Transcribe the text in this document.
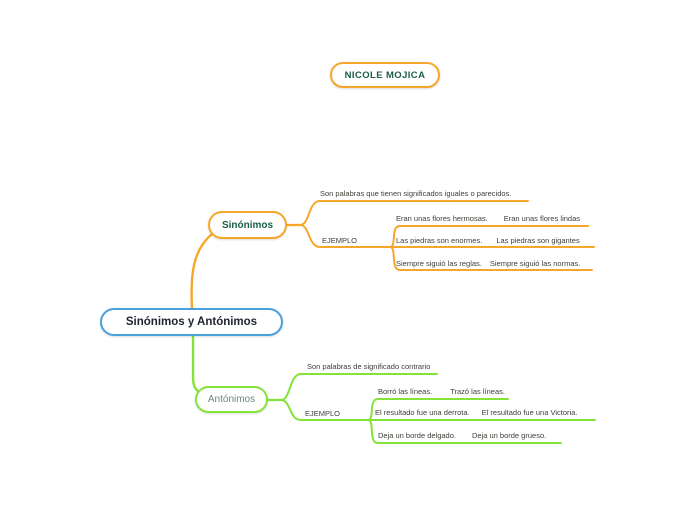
NICOLE MOJICA
Sinónimos y Antónimos
Sinónimos
Antónimos
Son palabras que tienen significados iguales o parecidos.
EJEMPLO
Eran unas flores hermosas. Eran unas flores lindas
Las piedras son enormes. Las piedras son gigantes
Siempre siguió las reglas. Siempre siguió las normas.
Son palabras de significado contrario
EJEMPLO
Borró las líneas. Trazó las líneas.
El resultado fue una derrota. El resultado fue una Victoria.
Deja un borde delgado. Deja un borde grueso.
